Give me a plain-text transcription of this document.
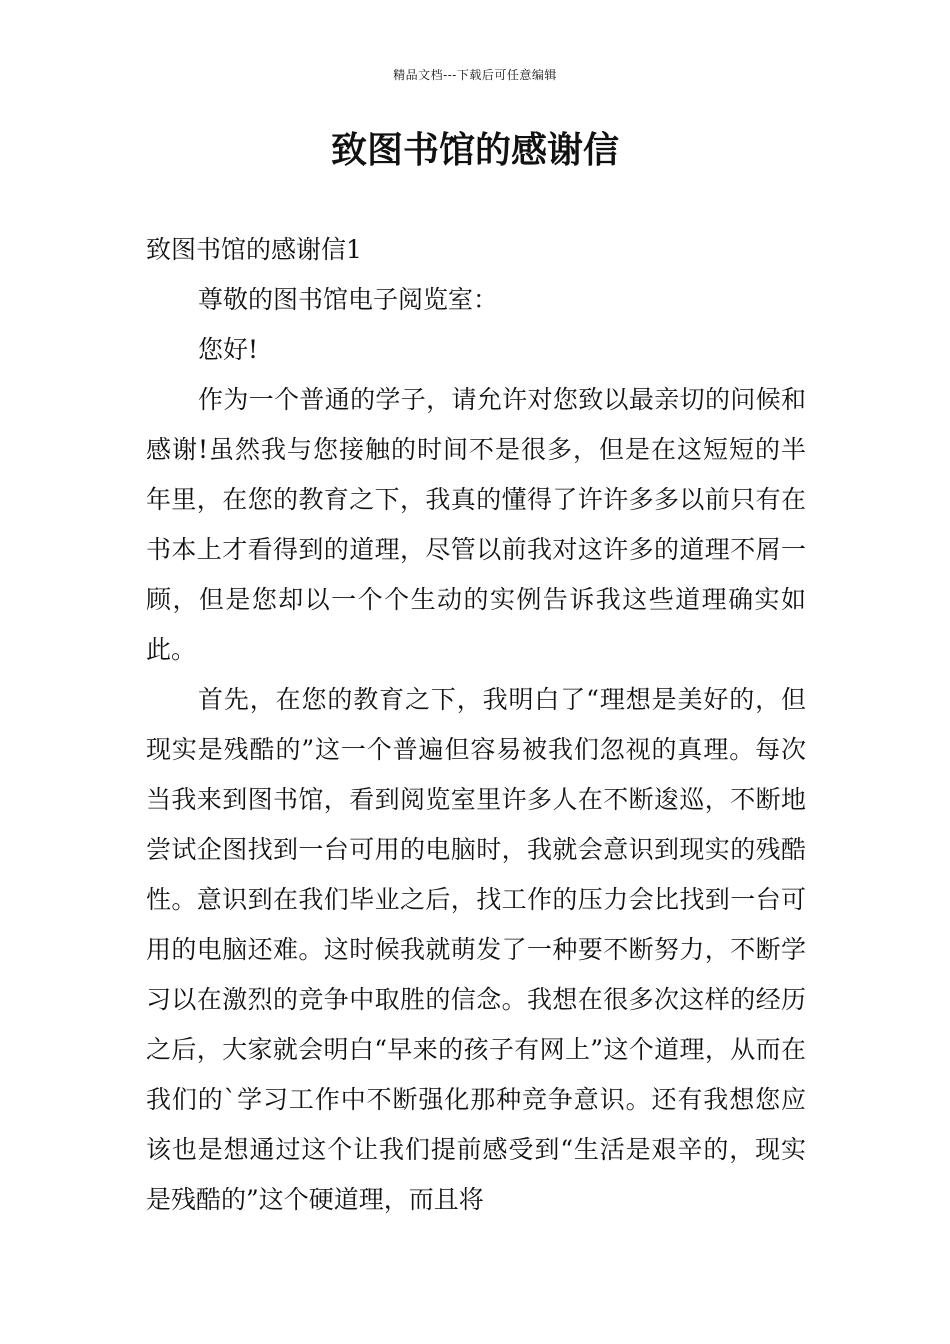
精品文档---下载后可任意编辑
致图书馆的感谢信

致图书馆的感谢信1

尊敬的图书馆电子阅览室：

您好!

作为一个普通的学子，请允许对您致以最亲切的问候和感谢!虽然我与您接触的时间不是很多，但是在这短短的半年里，在您的教育之下，我真的懂得了许许多多以前只有在书本上才看得到的道理，尽管以前我对这许多的道理不屑一顾，但是您却以一个个生动的实例告诉我这些道理确实如此。

首先，在您的教育之下，我明白了“理想是美好的，但现实是残酷的”这一个普遍但容易被我们忽视的真理。每次当我来到图书馆，看到阅览室里许多人在不断逡巡，不断地尝试企图找到一台可用的电脑时，我就会意识到现实的残酷性。意识到在我们毕业之后，找工作的压力会比找到一台可用的电脑还难。这时候我就萌发了一种要不断努力，不断学习以在激烈的竞争中取胜的信念。我想在很多次这样的经历之后，大家就会明白“早来的孩子有网上”这个道理，从而在我们的`学习工作中不断强化那种竞争意识。还有我想您应该也是想通过这个让我们提前感受到“生活是艰辛的，现实是残酷的”这个硬道理，而且将
